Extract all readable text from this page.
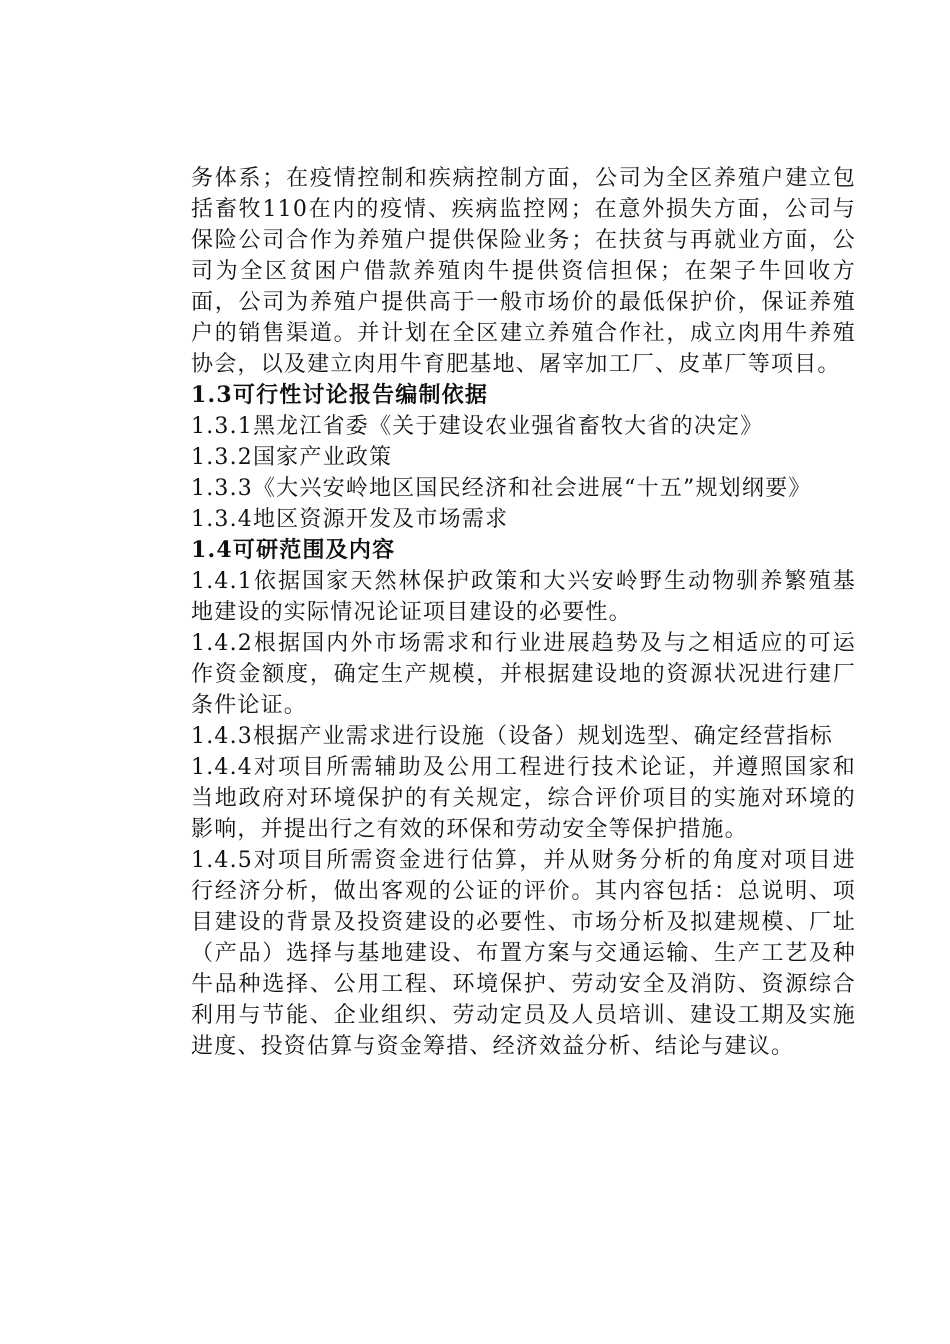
务体系；在疫情控制和疾病控制方面，公司为全区养殖户建立包括畜牧110在内的疫情、疾病监控网；在意外损失方面，公司与保险公司合作为养殖户提供保险业务；在扶贫与再就业方面，公司为全区贫困户借款养殖肉牛提供资信担保；在架子牛回收方面，公司为养殖户提供高于一般市场价的最低保护价，保证养殖户的销售渠道。并计划在全区建立养殖合作社，成立肉用牛养殖协会，以及建立肉用牛育肥基地、屠宰加工厂、皮革厂等项目。

1.3可行性讨论报告编制依据

1.3.1黑龙江省委《关于建设农业强省畜牧大省的决定》

1.3.2国家产业政策

1.3.3《大兴安岭地区国民经济和社会进展“十五”规划纲要》

1.3.4地区资源开发及市场需求

1.4可研范围及内容

1.4.1依据国家天然林保护政策和大兴安岭野生动物驯养繁殖基地建设的实际情况论证项目建设的必要性。

1.4.2根据国内外市场需求和行业进展趋势及与之相适应的可运作资金额度，确定生产规模，并根据建设地的资源状况进行建厂条件论证。

1.4.3根据产业需求进行设施（设备）规划选型、确定经营指标

1.4.4对项目所需辅助及公用工程进行技术论证，并遵照国家和当地政府对环境保护的有关规定，综合评价项目的实施对环境的影响，并提出行之有效的环保和劳动安全等保护措施。

1.4.5对项目所需资金进行估算，并从财务分析的角度对项目进行经济分析，做出客观的公证的评价。其内容包括：总说明、项目建设的背景及投资建设的必要性、市场分析及拟建规模、厂址（产品）选择与基地建设、布置方案与交通运输、生产工艺及种牛品种选择、公用工程、环境保护、劳动安全及消防、资源综合利用与节能、企业组织、劳动定员及人员培训、建设工期及实施进度、投资估算与资金筹措、经济效益分析、结论与建议。
